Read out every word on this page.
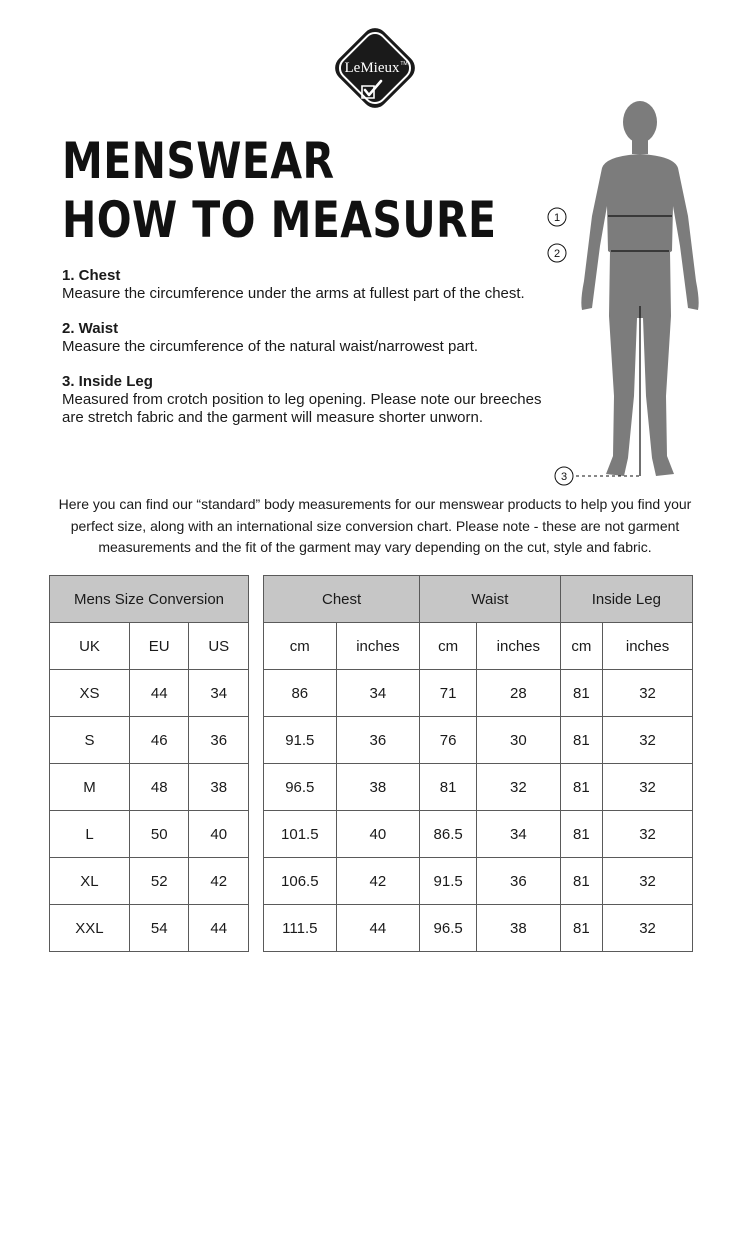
LeMieux TM
MENSWEAR
HOW TO MEASURE
1. Chest
Measure the circumference under the arms at fullest part of the chest.
2. Waist
Measure the circumference of the natural waist/narrowest part.
3. Inside Leg
Measured from crotch position to leg opening. Please note our breeches are stretch fabric and the garment will measure shorter unworn.
1
2
3
Here you can find our “standard” body measurements for our menswear products to help you find your perfect size, along with an international size conversion chart. Please note - these are not garment measurements and the fit of the garment may vary depending on the cut, style and fabric.
Mens Size Conversion		
UK	EU	US
XS	44	34
S	46	36
M	48	38
L	50	40
XL	52	42
XXL	54	44
Chest		Waist		Inside Leg	
cm	inches	cm	inches	cm	inches
86	34	71	28	81	32
91.5	36	76	30	81	32
96.5	38	81	32	81	32
101.5	40	86.5	34	81	32
106.5	42	91.5	36	81	32
111.5	44	96.5	38	81	32
